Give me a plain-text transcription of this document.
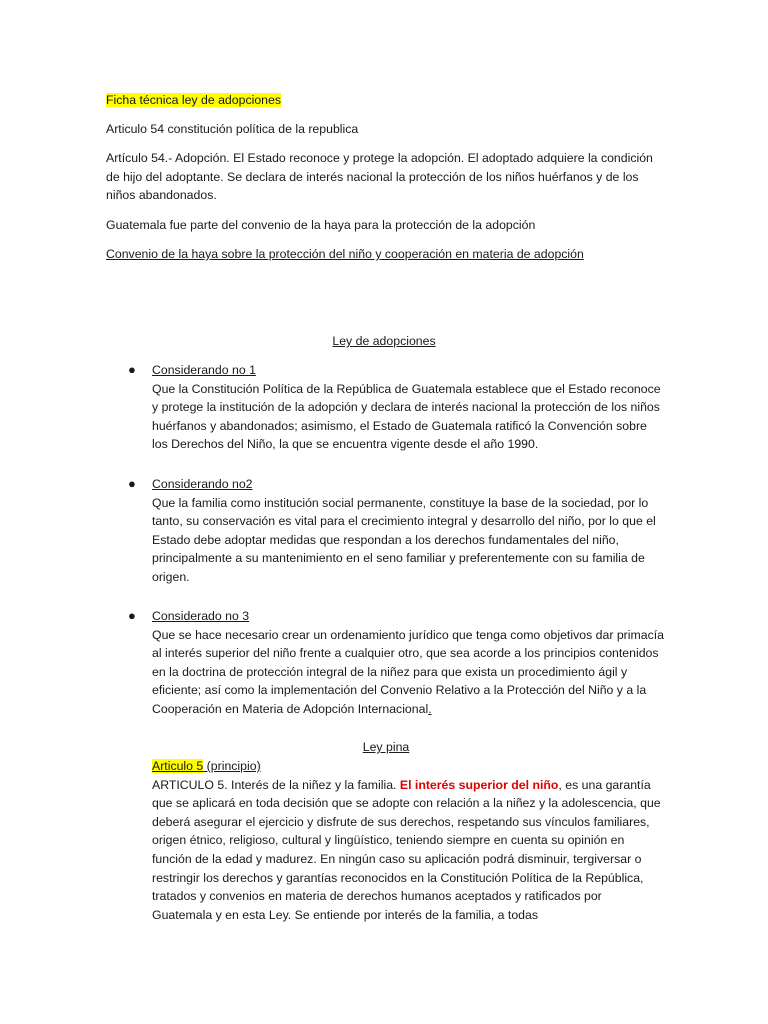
Ficha técnica ley de adopciones

Articulo 54 constitución política de la republica

Artículo 54.- Adopción. El Estado reconoce y protege la adopción. El adoptado adquiere la condición de hijo del adoptante. Se declara de interés nacional la protección de los niños huérfanos y de los niños abandonados.

Guatemala fue parte del convenio de la haya para la protección de la adopción

Convenio de la haya sobre la protección del niño y cooperación en materia de adopción

Ley de adopciones
● Considerando no 1
Que la Constitución Política de la República de Guatemala establece que el Estado reconoce y protege la institución de la adopción y declara de interés nacional la protección de los niños huérfanos y abandonados; asimismo, el Estado de Guatemala ratificó la Convención sobre los Derechos del Niño, la que se encuentra vigente desde el año 1990.
● Considerando no2
Que la familia como institución social permanente, constituye la base de la sociedad, por lo tanto, su conservación es vital para el crecimiento integral y desarrollo del niño, por lo que el Estado debe adoptar medidas que respondan a los derechos fundamentales del niño, principalmente a su mantenimiento en el seno familiar y preferentemente con su familia de origen.
● Considerado no 3
Que se hace necesario crear un ordenamiento jurídico que tenga como objetivos dar primacía al interés superior del niño frente a cualquier otro, que sea acorde a los principios contenidos en la doctrina de protección integral de la niñez para que exista un procedimiento ágil y eficiente; así como la implementación del Convenio Relativo a la Protección del Niño y a la Cooperación en Materia de Adopción Internacional.
Ley pina
Articulo 5 (principio)
ARTICULO 5. Interés de la niñez y la familia. El interés superior del niño, es una garantía que se aplicará en toda decisión que se adopte con relación a la niñez y la adolescencia, que deberá asegurar el ejercicio y disfrute de sus derechos, respetando sus vínculos familiares, origen étnico, religioso, cultural y lingüístico, teniendo siempre en cuenta su opinión en función de la edad y madurez. En ningún caso su aplicación podrá disminuir, tergiversar o restringir los derechos y garantías reconocidos en la Constitución Política de la República, tratados y convenios en materia de derechos humanos aceptados y ratificados por Guatemala y en esta Ley. Se entiende por interés de la familia, a todas
